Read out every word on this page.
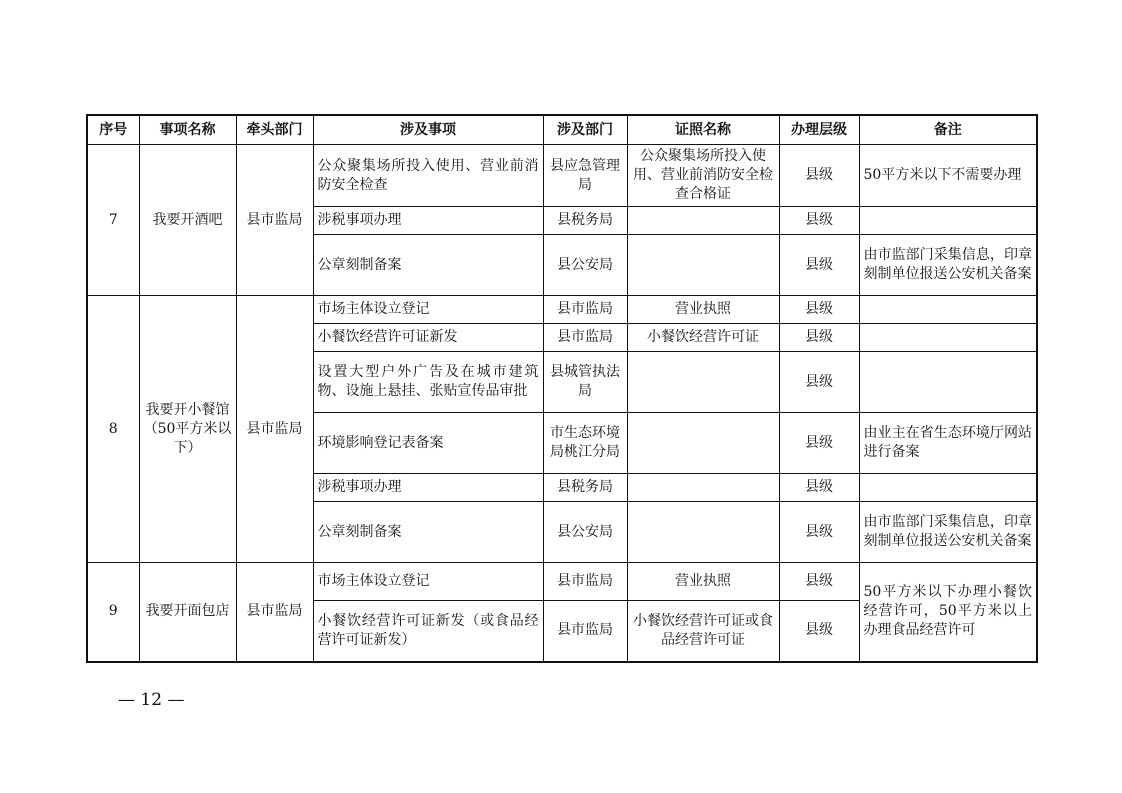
序号	事项名称	牵头部门	涉及事项	涉及部门	证照名称	办理层级	备注
7	我要开酒吧	县市监局	公众聚集场所投入使用、营业前消防安全检查	县应急管理局	公众聚集场所投入使用、营业前消防安全检查合格证	县级	50平方米以下不需要办理
			涉税事项办理	县税务局		县级	
			公章刻制备案	县公安局		县级	由市监部门采集信息，印章刻制单位报送公安机关备案
8	我要开小餐馆（50平方米以下）	县市监局	市场主体设立登记	县市监局	营业执照	县级	
			小餐饮经营许可证新发	县市监局	小餐饮经营许可证	县级	
			设置大型户外广告及在城市建筑物、设施上悬挂、张贴宣传品审批	县城管执法局		县级	
			环境影响登记表备案	市生态环境局桃江分局		县级	由业主在省生态环境厅网站进行备案
			涉税事项办理	县税务局		县级	
			公章刻制备案	县公安局		县级	由市监部门采集信息，印章刻制单位报送公安机关备案
9	我要开面包店	县市监局	市场主体设立登记	县市监局	营业执照	县级	50平方米以下办理小餐饮经营许可，50平方米以上办理食品经营许可
			小餐饮经营许可证新发（或食品经营许可证新发）	县市监局	小餐饮经营许可证或食品经营许可证	县级	
— 12 —
